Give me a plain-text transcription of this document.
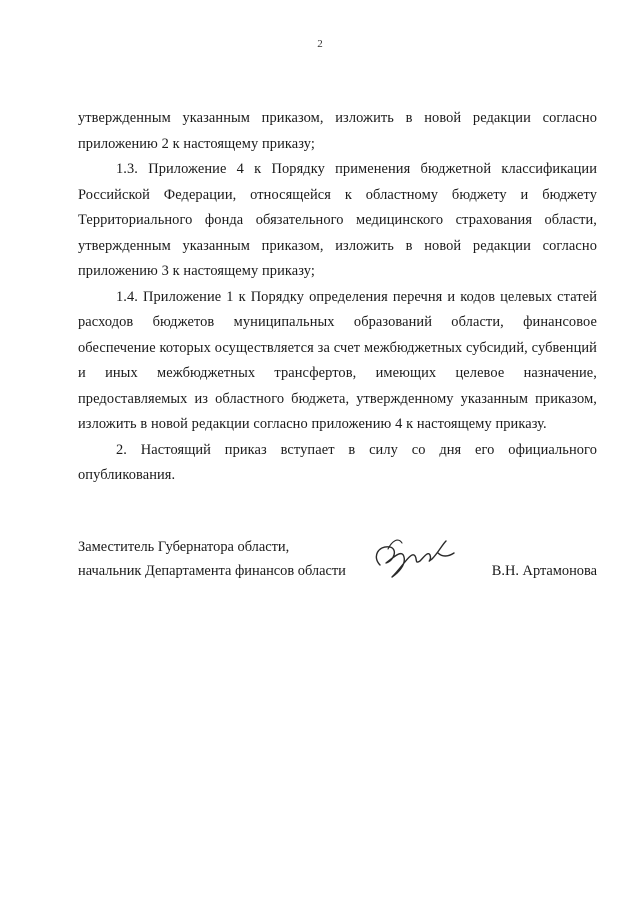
2

утвержденным указанным приказом, изложить в новой редакции согласно приложению 2 к настоящему приказу;

1.3. Приложение 4 к Порядку применения бюджетной классификации Российской Федерации, относящейся к областному бюджету и бюджету Территориального фонда обязательного медицинского страхования области, утвержденным указанным приказом, изложить в новой редакции согласно приложению 3 к настоящему приказу;

1.4. Приложение 1 к Порядку определения перечня и кодов целевых статей расходов бюджетов муниципальных образований области, финансовое обеспечение которых осуществляется за счет межбюджетных субсидий, субвенций и иных межбюджетных трансфертов, имеющих целевое назначение, предоставляемых из областного бюджета, утвержденному указанным приказом, изложить в новой редакции согласно приложению 4 к настоящему приказу.

2. Настоящий приказ вступает в силу со дня его официального опубликования.

Заместитель Губернатора области,

начальник Департамента финансов области	В.Н. Артамонова
